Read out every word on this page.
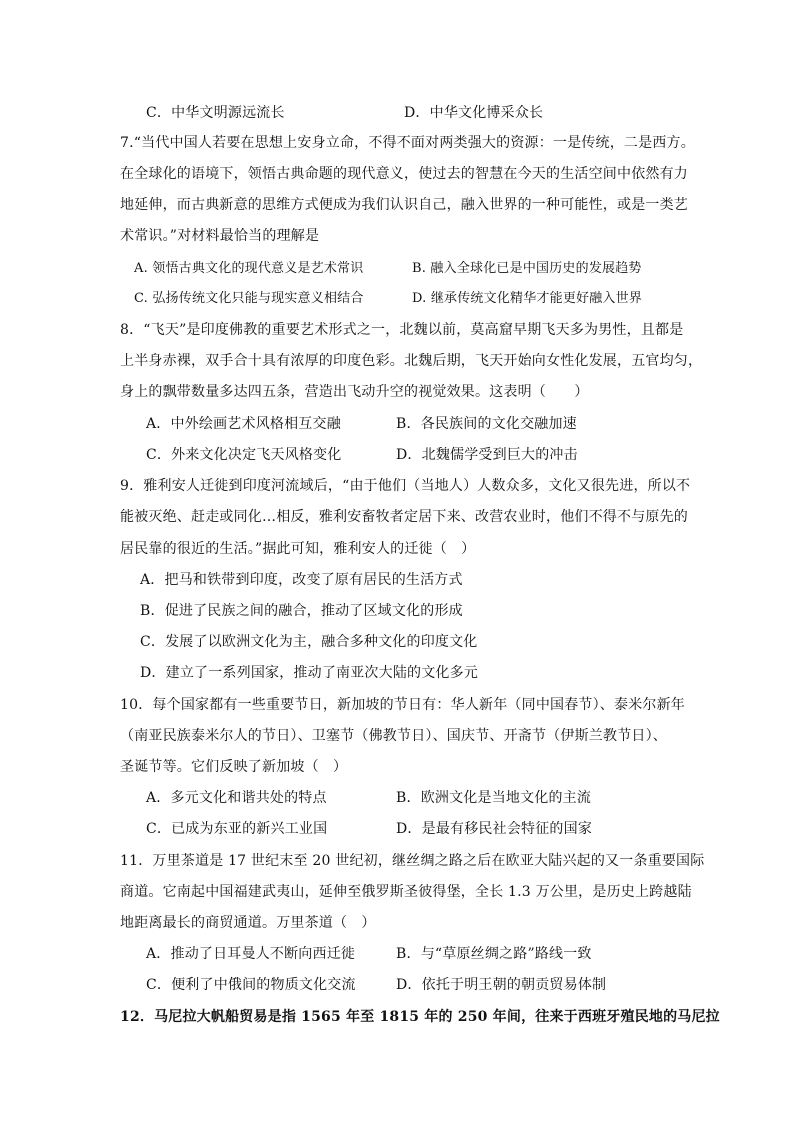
C．中华文明源远流长	D．中华文化博采众长
7.“当代中国人若要在思想上安身立命，不得不面对两类强大的资源：一是传统，二是西方。
在全球化的语境下，领悟古典命题的现代意义，使过去的智慧在今天的生活空间中依然有力
地延伸，而古典新意的思维方式便成为我们认识自己，融入世界的一种可能性，或是一类艺
术常识。”对材料最恰当的理解是
A. 领悟古典文化的现代意义是艺术常识	B. 融入全球化已是中国历史的发展趋势
C. 弘扬传统文化只能与现实意义相结合	D. 继承传统文化精华才能更好融入世界
8．“飞天”是印度佛教的重要艺术形式之一，北魏以前，莫高窟早期飞天多为男性，且都是
上半身赤裸，双手合十具有浓厚的印度色彩。北魏后期，飞天开始向女性化发展，五官均匀，
身上的飘带数量多达四五条，营造出飞动升空的视觉效果。这表明（　　）
A．中外绘画艺术风格相互交融	B．各民族间的文化交融加速
C．外来文化决定飞天风格变化	D．北魏儒学受到巨大的冲击
9．雅利安人迁徙到印度河流域后，“由于他们（当地人）人数众多，文化又很先进，所以不
能被灭绝、赶走或同化…相反，雅利安畜牧者定居下来、改营农业时，他们不得不与原先的
居民靠的很近的生活。”据此可知，雅利安人的迁徙（　）
A．把马和铁带到印度，改变了原有居民的生活方式
B．促进了民族之间的融合，推动了区域文化的形成
C．发展了以欧洲文化为主，融合多种文化的印度文化
D．建立了一系列国家，推动了南亚次大陆的文化多元
10．每个国家都有一些重要节日，新加坡的节日有：华人新年（同中国春节）、泰米尔新年
（南亚民族泰米尔人的节日）、卫塞节（佛教节日）、国庆节、开斋节（伊斯兰教节日）、
圣诞节等。它们反映了新加坡（　）
A．多元文化和谐共处的特点	B．欧洲文化是当地文化的主流
C．已成为东亚的新兴工业国	D．是最有移民社会特征的国家
11．万里茶道是 17 世纪末至 20 世纪初，继丝绸之路之后在欧亚大陆兴起的又一条重要国际
商道。它南起中国福建武夷山，延伸至俄罗斯圣彼得堡，全长 1.3 万公里，是历史上跨越陆
地距离最长的商贸通道。万里茶道（　）
A．推动了日耳曼人不断向西迁徙	B．与“草原丝绸之路”路线一致
C．便利了中俄间的物质文化交流	D．依托于明王朝的朝贡贸易体制
12．马尼拉大帆船贸易是指 1565 年至 1815 年的 250 年间，往来于西班牙殖民地的马尼拉
